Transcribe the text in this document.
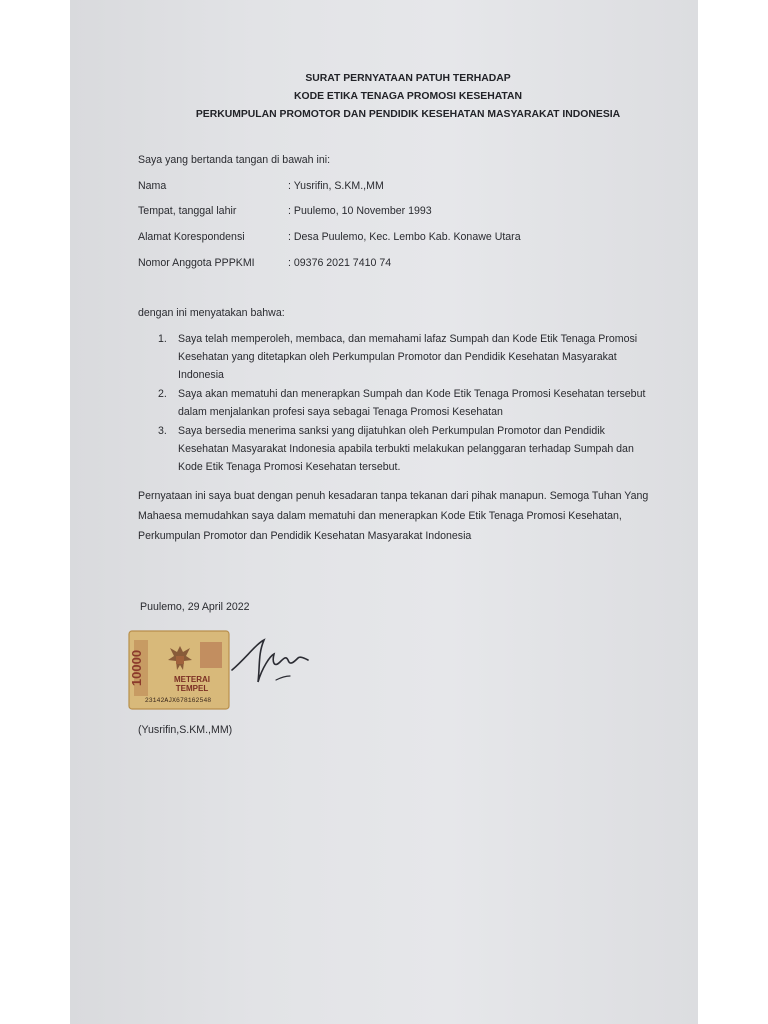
SURAT PERNYATAAN PATUH TERHADAP
KODE ETIKA TENAGA PROMOSI KESEHATAN
PERKUMPULAN PROMOTOR DAN PENDIDIK KESEHATAN MASYARAKAT INDONESIA
Saya yang bertanda tangan di bawah ini:
Nama	: Yusrifin, S.KM.,MM
Tempat, tanggal lahir	: Puulemo, 10 November 1993
Alamat Korespondensi	: Desa Puulemo, Kec. Lembo Kab. Konawe Utara
Nomor Anggota PPPKMI	: 09376 2021 7410 74
dengan ini menyatakan bahwa:
1. Saya telah memperoleh, membaca, dan memahami lafaz Sumpah dan Kode Etik Tenaga Promosi Kesehatan yang ditetapkan oleh Perkumpulan Promotor dan Pendidik Kesehatan Masyarakat Indonesia
2. Saya akan mematuhi dan menerapkan Sumpah dan Kode Etik Tenaga Promosi Kesehatan tersebut dalam menjalankan profesi saya sebagai Tenaga Promosi Kesehatan
3. Saya bersedia menerima sanksi yang dijatuhkan oleh Perkumpulan Promotor dan Pendidik Kesehatan Masyarakat Indonesia apabila terbukti melakukan pelanggaran terhadap Sumpah dan Kode Etik Tenaga Promosi Kesehatan tersebut.
Pernyataan ini saya buat dengan penuh kesadaran tanpa tekanan dari pihak manapun. Semoga Tuhan Yang Mahaesa memudahkan saya dalam mematuhi dan menerapkan Kode Etik Tenaga Promosi Kesehatan, Perkumpulan Promotor dan Pendidik Kesehatan Masyarakat Indonesia
Puulemo, 29 April 2022
(Yusrifin,S.KM.,MM)
10000	METERAI
TEMPEL
23142AJX678162548
